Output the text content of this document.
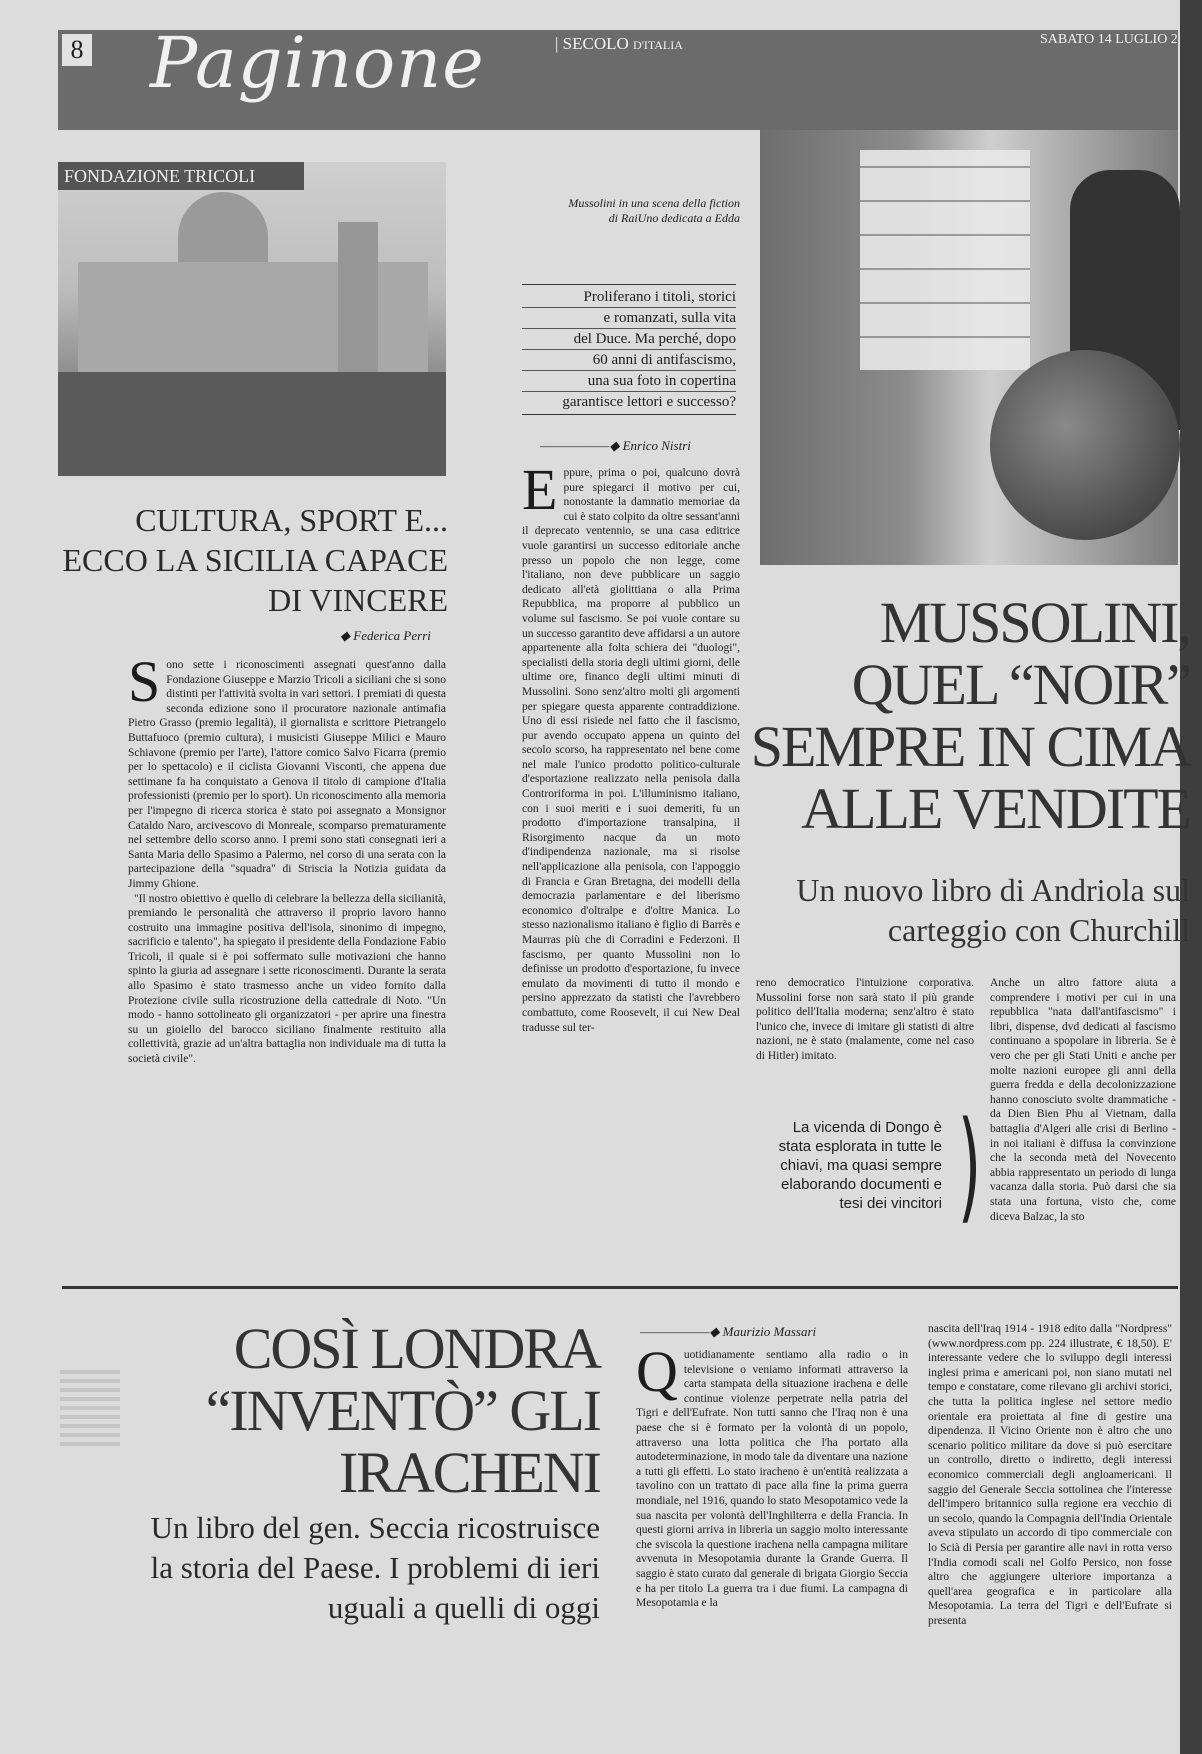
8 Paginone	| SECOLO D'ITALIA	SABATO 14 LUGLIO 2
FONDAZIONE TRICOLI
CULTURA, SPORT E... ECCO LA SICILIA CAPACE DI VINCERE
◆ Federica Perri
Sono sette i riconoscimenti assegnati quest'anno dalla Fondazione Giuseppe e Marzio Tricoli a siciliani che si sono distinti per l'attività svolta in vari settori. I premiati di questa seconda edizione sono il procuratore nazionale antimafia Pietro Grasso (premio legalità), il giornalista e scrittore Pietrangelo Buttafuoco (premio cultura), i musicisti Giuseppe Milici e Mauro Schiavone (premio per l'arte), l'attore comico Salvo Ficarra (premio per lo spettacolo) e il ciclista Giovanni Visconti, che appena due settimane fa ha conquistato a Genova il titolo di campione d'Italia professionisti (premio per lo sport). Un riconoscimento alla memoria per l'impegno di ricerca storica è stato poi assegnato a Monsignor Cataldo Naro, arcivescovo di Monreale, scomparso prematuramente nel settembre dello scorso anno. I premi sono stati consegnati ieri a Santa Maria dello Spasimo a Palermo, nel corso di una serata con la partecipazione della "squadra" di Striscia la Notizia guidata da Jimmy Ghione.
"Il nostro obiettivo è quello di celebrare la bellezza della sicilianità, premiando le personalità che attraverso il proprio lavoro hanno costruito una immagine positiva dell'isola, sinonimo di impegno, sacrificio e talento", ha spiegato il presidente della Fondazione Fabio Tricoli, il quale si è poi soffermato sulle motivazioni che hanno spinto la giuria ad assegnare i sette riconoscimenti. Durante la serata allo Spasimo è stato trasmesso anche un video fornito dalla Protezione civile sulla ricostruzione della cattedrale di Noto. "Un modo - hanno sottolineato gli organizzatori - per aprire una finestra su un gioiello del barocco siciliano finalmente restituito alla collettività, grazie ad un'altra battaglia non individuale ma di tutta la società civile".
Mussolini in una scena della fiction di RaiUno dedicata a Edda
Proliferano i titoli, storici
e romanzati, sulla vita
del Duce. Ma perché, dopo
60 anni di antifascismo,
una sua foto in copertina
garantisce lettori e successo?
——————◆ Enrico Nistri
Eppure, prima o poi, qualcuno dovrà pure spiegarci il motivo per cui, nonostante la damnatio memoriae da cui è stato colpito da oltre sessant'anni il deprecato ventennio, se una casa editrice vuole garantirsi un successo editoriale anche presso un popolo che non legge, come l'italiano, non deve pubblicare un saggio dedicato all'età giolittiana o alla Prima Repubblica, ma proporre al pubblico un volume sul fascismo. Se poi vuole contare su un successo garantito deve affidarsi a un autore appartenente alla folta schiera dei "duologi", specialisti della storia degli ultimi giorni, delle ultime ore, financo degli ultimi minuti di Mussolini. Sono senz'altro molti gli argomenti per spiegare questa apparente contraddizione. Uno di essi risiede nel fatto che il fascismo, pur avendo occupato appena un quinto del secolo scorso, ha rappresentato nel bene come nel male l'unico prodotto politico-culturale d'esportazione realizzato nella penisola dalla Controriforma in poi. L'illuminismo italiano, con i suoi meriti e i suoi demeriti, fu un prodotto d'importazione transalpina, il Risorgimento nacque da un moto d'indipendenza nazionale, ma si risolse nell'applicazione alla penisola, con l'appoggio di Francia e Gran Bretagna, dei modelli della democrazia parlamentare e del liberismo economico d'oltralpe e d'oltre Manica. Lo stesso nazionalismo italiano è figlio di Barrès e Maurras più che di Corradini e Federzoni. Il fascismo, per quanto Mussolini non lo definisse un prodotto d'esportazione, fu invece emulato da movimenti di tutto il mondo e persino apprezzato da statisti che l'avrebbero combattuto, come Roosevelt, il cui New Deal tradusse sul ter-
MUSSOLINI, QUEL “NOIR” SEMPRE IN CIMA ALLE VENDITE
Un nuovo libro di Andriola sul carteggio con Churchill
reno democratico l'intuizione corporativa. Mussolini forse non sarà stato il più grande politico dell'Italia moderna; senz'altro è stato l'unico che, invece di imitare gli statisti di altre nazioni, ne è stato (malamente, come nel caso di Hitler) imitato.
Anche un altro fattore aiuta a comprendere i motivi per cui in una repubblica "nata dall'antifascismo" i libri, dispense, dvd dedicati al fascismo continuano a spopolare in libreria. Se è vero che per gli Stati Uniti e anche per molte nazioni europee gli anni della guerra fredda e della decolonizzazione hanno conosciuto svolte drammatiche - da Dien Bien Phu al Vietnam, dalla battaglia d'Algeri alle crisi di Berlino - in noi italiani è diffusa la convinzione che la seconda metà del Novecento abbia rappresentato un periodo di lunga vacanza dalla storia. Può darsi che sia stata una fortuna, visto che, come diceva Balzac, la sto
La vicenda di Dongo è stata esplorata in tutte le chiavi, ma quasi sempre elaborando documenti e tesi dei vincitori )
COSÌ LONDRA “INVENTÒ” GLI IRACHENI
Un libro del gen. Seccia ricostruisce la storia del Paese. I problemi di ieri uguali a quelli di oggi
——————◆ Maurizio Massari
Quotidianamente sentiamo alla radio o in televisione o veniamo informati attraverso la carta stampata della situazione irachena e delle continue violenze perpetrate nella patria del Tigri e dell'Eufrate. Non tutti sanno che l'Iraq non è una paese che si è formato per la volontà di un popolo, attraverso una lotta politica che l'ha portato alla autodeterminazione, in modo tale da diventare una nazione a tutti gli effetti. Lo stato iracheno è un'entità realizzata a tavolino con un trattato di pace alla fine la prima guerra mondiale, nel 1916, quando lo stato Mesopotamico vede la sua nascita per volontà dell'Inghilterra e della Francia. In questi giorni arriva in libreria un saggio molto interessante che sviscola la questione irachena nella campagna militare avvenuta in Mesopotamia durante la Grande Guerra. Il saggio è stato curato dal generale di brigata Giorgio Seccia e ha per titolo La guerra tra i due fiumi. La campagna di Mesopotamia e la
nascita dell'Iraq 1914 - 1918 edito dalla "Nordpress" (www.nordpress.com pp. 224 illustrate, € 18,50). E' interessante vedere che lo sviluppo degli interessi inglesi prima e americani poi, non siano mutati nel tempo e constatare, come rilevano gli archivi storici, che tutta la politica inglese nel settore medio orientale era proiettata al fine di gestire una dipendenza. Il Vicino Oriente non è altro che uno scenario politico militare da dove si può esercitare un controllo, diretto o indiretto, degli interessi economico commerciali degli angloamericani. Il saggio del Generale Seccia sottolinea che l'interesse dell'impero britannico sulla regione era vecchio di un secolo, quando la Compagnia dell'India Orientale aveva stipulato un accordo di tipo commerciale con lo Scià di Persia per garantire alle navi in rotta verso l'India comodi scali nel Golfo Persico, non fosse altro che aggiungere ulteriore importanza a quell'area geografica e in particolare alla Mesopotamia. La terra del Tigri e dell'Eufrate si presenta
